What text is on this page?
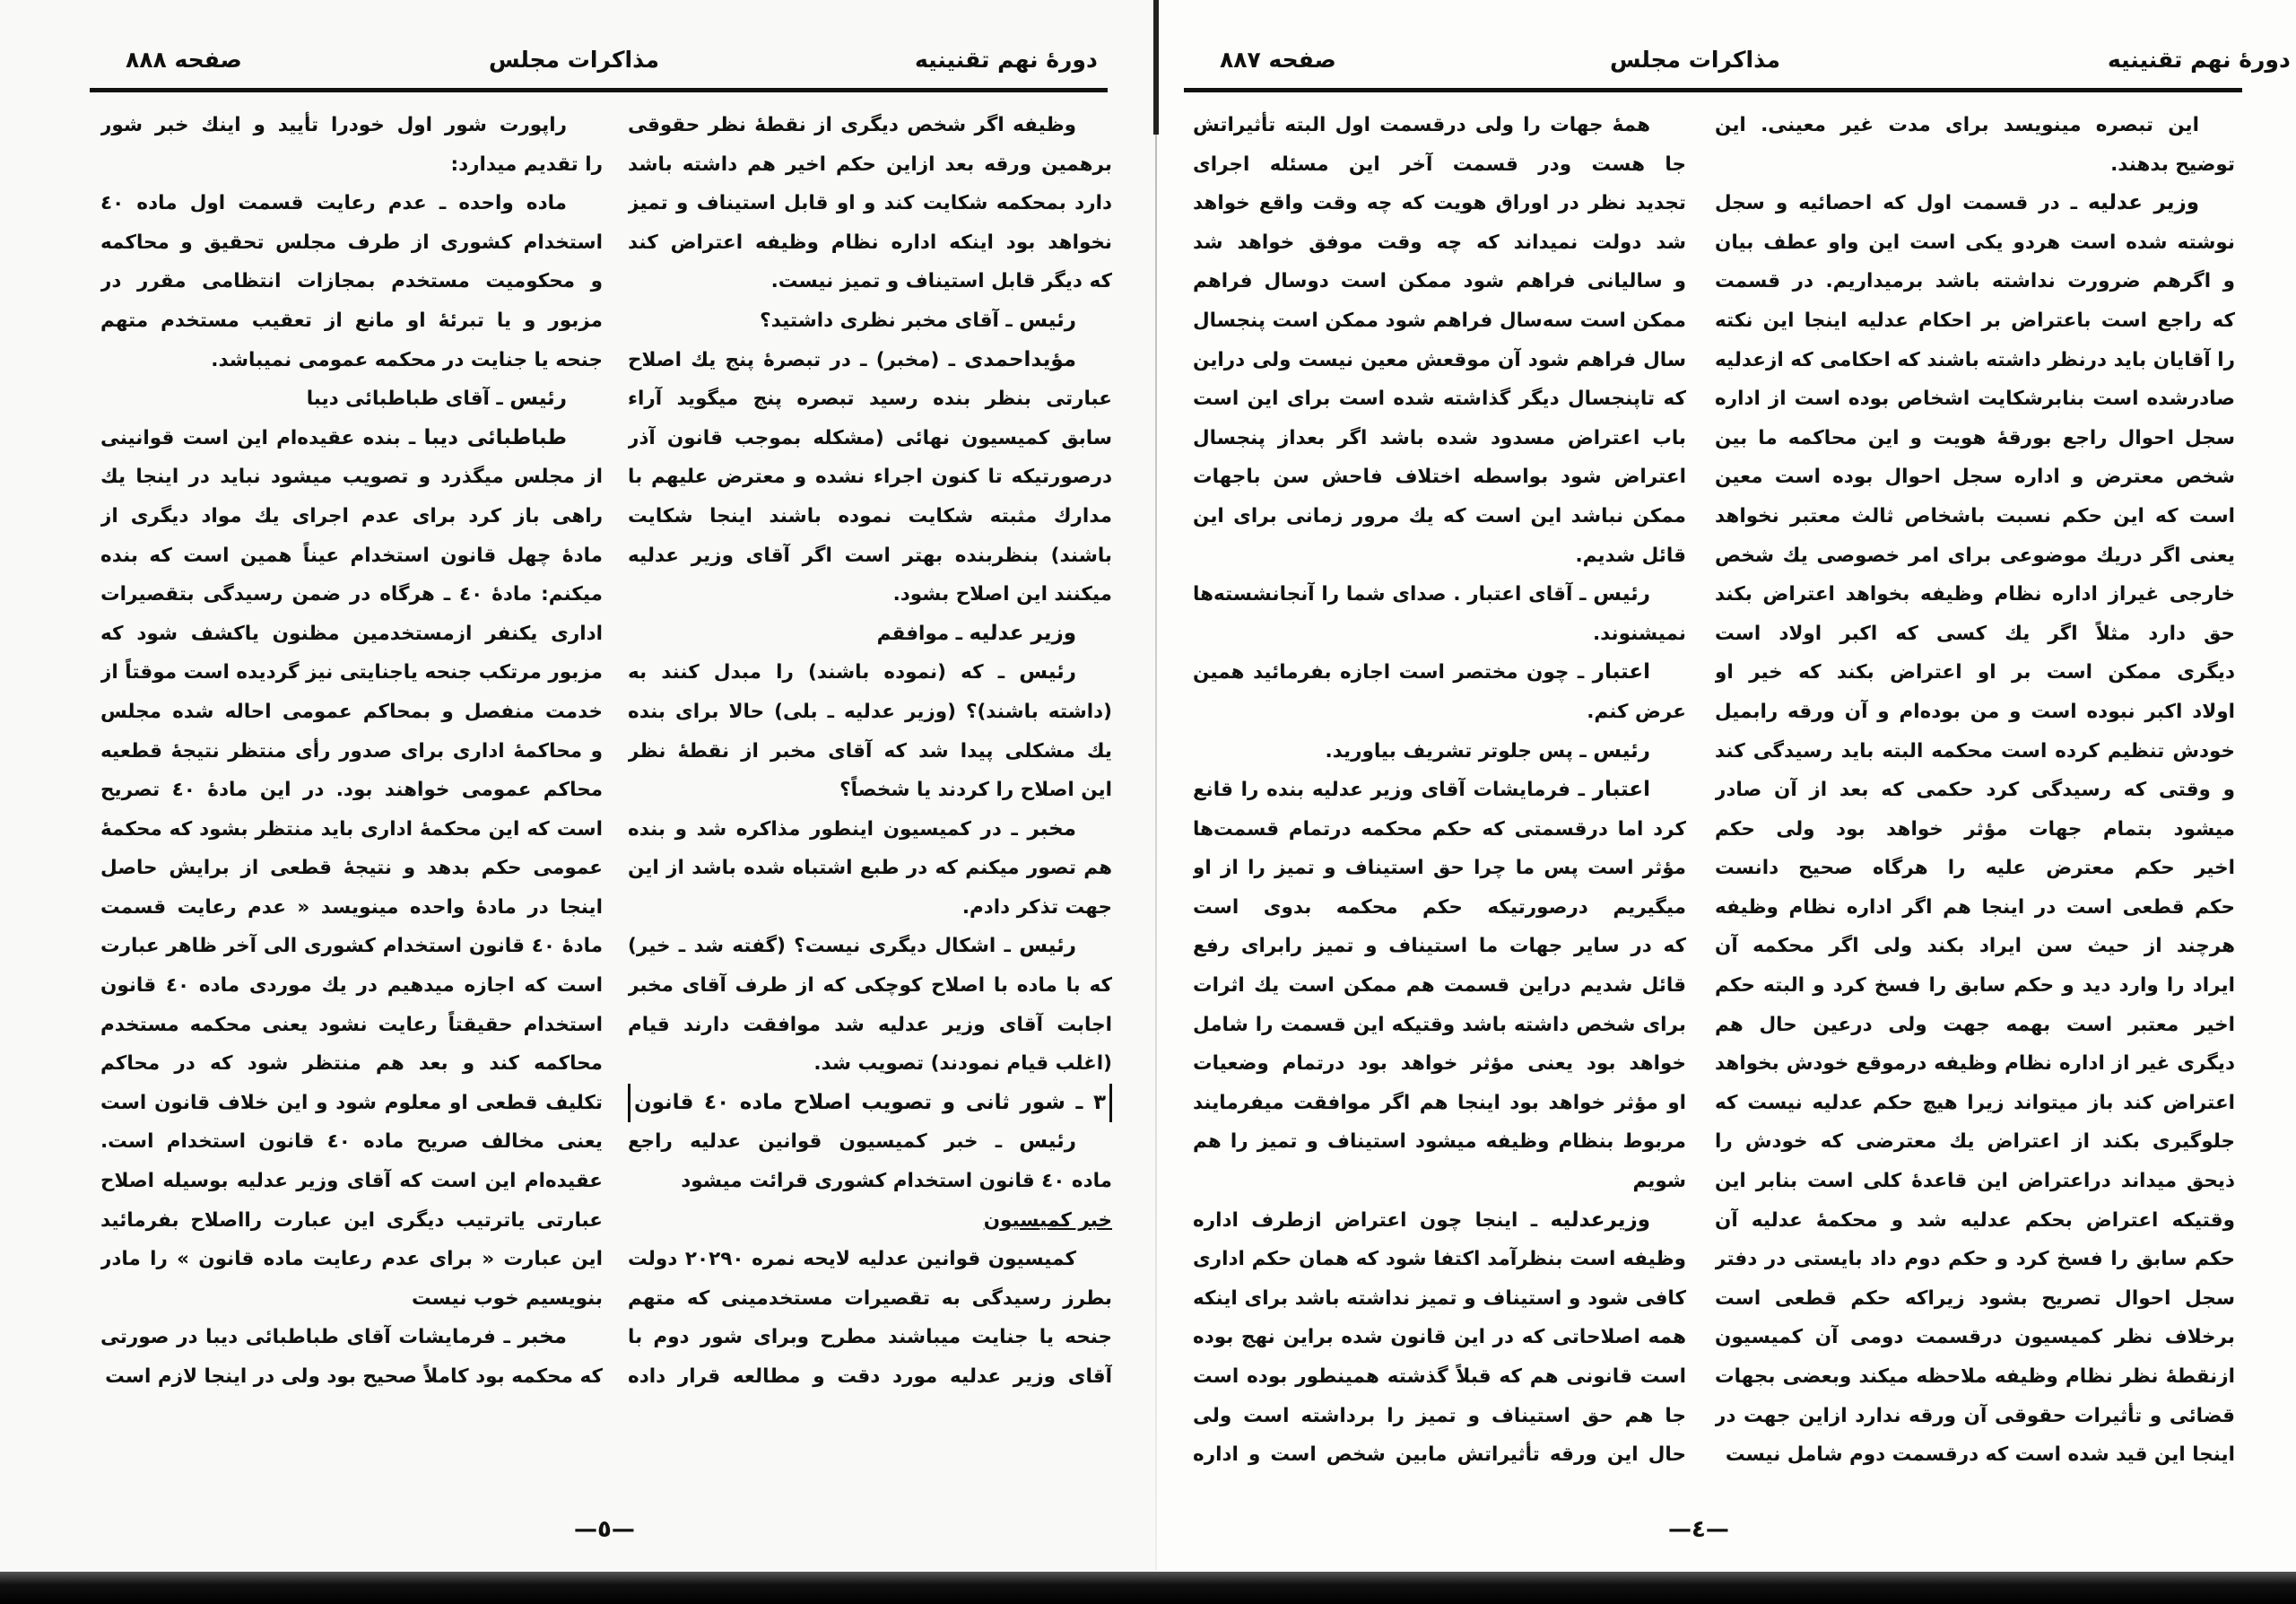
صفحه ۸۸۸	مذاکرات مجلس	دورهٔ نهم تقنینیه
وظیفه اگر شخص دیگری از نقطهٔ نظر حقوقی
برهمین ورقه بعد ازاین حکم اخیر هم داشته باشد
دارد بمحکمه شکایت کند و او قابل استیناف و تمیز
نخواهد بود اینکه اداره نظام وظیفه اعتراض کند
که دیگر قابل استیناف و تمیز نیست.
رئیس ـ آقای مخبر نظری داشتید؟
مؤیداحمدی ـ (مخبر) ـ در تبصرهٔ پنج یك اصلاح
عبارتی بنظر بنده رسید تبصره پنج میگوید آراء
سابق کمیسیون نهائی (مشکله بموجب قانون آذر
درصورتیکه تا کنون اجراء نشده و معترض علیهم با
مدارك مثبته شکایت نموده باشند اینجا شکایت
باشند) بنظربنده بهتر است اگر آقای وزیر عدلیه
میکنند این اصلاح بشود.
وزیر عدلیه ـ موافقم
رئیس ـ که (نموده باشند) را مبدل کنند به
(داشته باشند)؟ (وزیر عدلیه ـ بلی) حالا برای بنده
یك مشکلی پیدا شد که آقای مخبر از نقطهٔ نظر
این اصلاح را کردند یا شخصاً؟
مخبر ـ در کمیسیون اینطور مذاکره شد و بنده
هم تصور میکنم که در طبع اشتباه شده باشد از این
جهت تذکر دادم.
رئیس ـ اشکال دیگری نیست؟ (گفته شد ـ خیر)
که با ماده با اصلاح کوچکی که از طرف آقای مخبر
اجابت آقای وزیر عدلیه شد موافقت دارند قیام
(اغلب قیام نمودند) تصویب شد.
٣ ـ شور ثانی و تصویب اصلاح ماده ٤٠ قانون
رئیس ـ خبر کمیسیون قوانین عدلیه راجع
ماده ٤٠ قانون استخدام کشوری قرائت میشود
خبر کمیسیون
کمیسیون قوانین عدلیه لایحه نمره ٢٠٢٩٠ دولت
بطرز رسیدگی به تقصیرات مستخدمینی که متهم
جنحه یا جنایت میباشند مطرح وبرای شور دوم با
آقای وزیر عدلیه مورد دقت و مطالعه قرار داده
راپورت شور اول خودرا تأیید و اینك خبر شور
را تقدیم میدارد:
ماده واحده ـ عدم رعایت قسمت اول ماده ٤٠
استخدام کشوری از طرف مجلس تحقیق و محاکمه
و محکومیت مستخدم بمجازات انتظامی مقرر در
مزبور و یا تبرئهٔ او مانع از تعقیب مستخدم متهم
جنحه یا جنایت در محکمه عمومی نمیباشد.
رئیس ـ آقای طباطبائی دیبا
طباطبائی دیبا ـ بنده عقیده‌ام این است قوانینی
از مجلس میگذرد و تصویب میشود نباید در اینجا یك
راهی باز کرد برای عدم اجرای یك مواد دیگری از
مادهٔ چهل قانون استخدام عیناً همین است که بنده
میکنم: مادهٔ ٤٠ ـ هرگاه در ضمن رسیدگی بتقصیرات
اداری یکنفر ازمستخدمین مظنون یاکشف شود که
مزبور مرتکب جنحه یاجنایتی نیز گردیده است موقتاً از
خدمت منفصل و بمحاکم عمومی احاله شده مجلس
و محاکمهٔ اداری برای صدور رأی منتظر نتیجهٔ قطعیه
محاکم عمومی خواهند بود. در این مادهٔ ٤٠ تصریح
است که این محکمهٔ اداری باید منتظر بشود که محکمهٔ
عمومی حکم بدهد و نتیجهٔ قطعی از برایش حاصل
اینجا در مادهٔ واحده مینویسد « عدم رعایت قسمت
مادهٔ ٤٠ قانون استخدام کشوری الی آخر ظاهر عبارت
است که اجازه میدهیم در یك موردی ماده ٤٠ قانون
استخدام حقیقتاً رعایت نشود یعنی محکمه مستخدم
محاکمه کند و بعد هم منتظر شود که در محاکم
تکلیف قطعی او معلوم شود و این خلاف قانون است
یعنی مخالف صریح ماده ٤٠ قانون استخدام است.
عقیده‌ام این است که آقای وزیر عدلیه بوسیله اصلاح
عبارتی یاترتیب دیگری این عبارت رااصلاح بفرمائید
این عبارت « برای عدم رعایت ماده قانون » را مادر
بنویسیم خوب نیست
مخبر ـ فرمایشات آقای طباطبائی دیبا در صورتی
که محکمه بود کاملاً صحیح بود ولی در اینجا لازم است
—٥—
صفحه ۸۸۷	مذاکرات مجلس	دورهٔ نهم تقنینیه
این تبصره مینویسد برای مدت غیر معینی. این
توضیح بدهند.
وزیر عدلیه ـ در قسمت اول که احصائیه و سجل
نوشته شده است هردو یکی است این واو عطف بیان
و اگرهم ضرورت نداشته باشد برمیداریم. در قسمت
که راجع است باعتراض بر احکام عدلیه اینجا این نکته
را آقایان باید درنظر داشته باشند که احکامی که ازعدلیه
صادرشده است بنابرشکایت اشخاص بوده است از اداره
سجل احوال راجع بورقهٔ هویت و این محاکمه ما بین
شخص معترض و اداره سجل احوال بوده است معین
است که این حکم نسبت باشخاص ثالث معتبر نخواهد
یعنی اگر دریك موضوعی برای امر خصوصی یك شخص
خارجی غیراز اداره نظام وظیفه بخواهد اعتراض بکند
حق دارد مثلاً اگر یك کسی که اکبر اولاد است
دیگری ممکن است بر او اعتراض بکند که خیر او
اولاد اکبر نبوده است و من بوده‌ام و آن ورقه رابمیل
خودش تنظیم کرده است محکمه البته باید رسیدگی کند
و وقتی که رسیدگی کرد حکمی که بعد از آن صادر
میشود بتمام جهات مؤثر خواهد بود ولی حکم
اخیر حکم معترض علیه را هرگاه صحیح دانست
حکم قطعی است در اینجا هم اگر اداره نظام وظیفه
هرچند از حیث سن ایراد بکند ولی اگر محکمه آن
ایراد را وارد دید و حکم سابق را فسخ کرد و البته حکم
اخیر معتبر است بهمه جهت ولی درعین حال هم
دیگری غیر از اداره نظام وظیفه درموقع خودش بخواهد
اعتراض کند باز میتواند زیرا هیچ حکم عدلیه نیست که
جلوگیری بکند از اعتراض یك معترضی که خودش را
ذیحق میداند دراعتراض این قاعدهٔ کلی است بنابر این
وقتیکه اعتراض بحکم عدلیه شد و محکمهٔ عدلیه آن
حکم سابق را فسخ کرد و حکم دوم داد بایستی در دفتر
سجل احوال تصریح بشود زیراکه حکم قطعی است
برخلاف نظر کمیسیون درقسمت دومی آن کمیسیون
ازنقطهٔ نظر نظام وظیفه ملاحظه میکند وبعضی بجهات
قضائی و تأثیرات حقوقی آن ورقه ندارد ازاین جهت در
اینجا این قید شده است که درقسمت دوم شامل نیست
همهٔ جهات را ولی درقسمت اول البته تأثیراتش
جا هست ودر قسمت آخر این مسئله اجرای
تجدید نظر در اوراق هویت که چه وقت واقع خواهد
شد دولت نمیداند که چه وقت موفق خواهد شد
و سالیانی فراهم شود ممکن است دوسال فراهم
ممکن است سه‌سال فراهم شود ممکن است پنجسال
سال فراهم شود آن موقعش معین نیست ولی دراین
که تاپنجسال دیگر گذاشته شده است برای این است
باب اعتراض مسدود شده باشد اگر بعداز پنجسال
اعتراض شود بواسطه اختلاف فاحش سن باجهات
ممکن نباشد این است که یك مرور زمانی برای این
قائل شدیم.
رئیس ـ آقای اعتبار . صدای شما را آنجانشسته‌ها
نمیشنوند.
اعتبار ـ چون مختصر است اجازه بفرمائید همین
عرض کنم.
رئیس ـ پس جلوتر تشریف بیاورید.
اعتبار ـ فرمایشات آقای وزیر عدلیه بنده را قانع
کرد اما درقسمتی که حکم محکمه درتمام قسمت‌ها
مؤثر است پس ما چرا حق استیناف و تمیز را از او
میگیریم درصورتیکه حکم محکمه بدوی است
که در سایر جهات ما استیناف و تمیز رابرای رفع
قائل شدیم دراین قسمت هم ممکن است یك اثرات
برای شخص داشته باشد وقتیکه این قسمت را شامل
خواهد بود یعنی مؤثر خواهد بود درتمام وضعیات
او مؤثر خواهد بود اینجا هم اگر موافقت میفرمایند
مربوط بنظام وظیفه میشود استیناف و تمیز را هم
شویم
وزیرعدلیه ـ اینجا چون اعتراض ازطرف اداره
وظیفه است بنظرآمد اکتفا شود که همان حکم اداری
کافی شود و استیناف و تمیز نداشته باشد برای اینکه
همه اصلاحاتی که در این قانون شده براین نهج بوده
است قانونی هم که قبلاً گذشته همینطور بوده است
جا هم حق استیناف و تمیز را برداشته است ولی
حال این ورقه تأثیراتش مابین شخص است و اداره
—٤—
